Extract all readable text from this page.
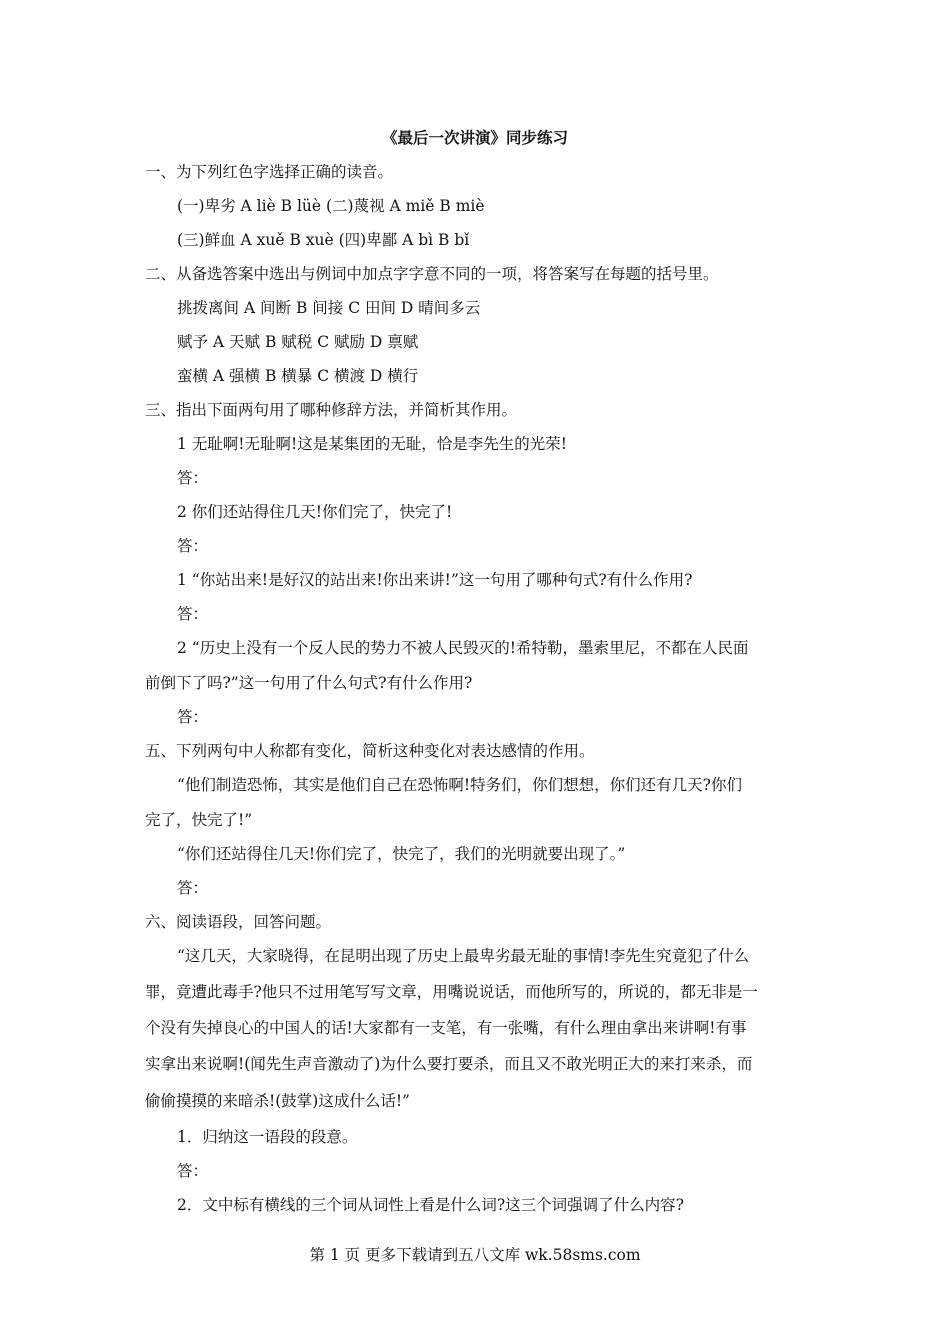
《最后一次讲演》同步练习
一、为下列红色字选择正确的读音。
(一)卑劣 A liè B lüè (二)蔑视 A miě B miè
(三)鲜血 A xuě B xuè (四)卑鄙 A bì B bǐ
二、从备选答案中选出与例词中加点字字意不同的一项，将答案写在每题的括号里。
挑拨离间 A 间断 B 间接 C 田间 D 晴间多云
赋予 A 天赋 B 赋税 C 赋励 D 禀赋
蛮横 A 强横 B 横暴 C 横渡 D 横行
三、指出下面两句用了哪种修辞方法，并简析其作用。
1 无耻啊!无耻啊!这是某集团的无耻，恰是李先生的光荣!
答：
2 你们还站得住几天!你们完了，快完了!
答：
1 “你站出来!是好汉的站出来!你出来讲!”这一句用了哪种句式?有什么作用?
答：
2 “历史上没有一个反人民的势力不被人民毁灭的!希特勒，墨索里尼，不都在人民面
前倒下了吗?”这一句用了什么句式?有什么作用?
答：
五、下列两句中人称都有变化，简析这种变化对表达感情的作用。
“他们制造恐怖，其实是他们自己在恐怖啊!特务们，你们想想，你们还有几天?你们
完了，快完了!”
“你们还站得住几天!你们完了，快完了，我们的光明就要出现了。”
答：
六、阅读语段，回答问题。
“这几天，大家晓得，在昆明出现了历史上最卑劣最无耻的事情!李先生究竟犯了什么
罪，竟遭此毒手?他只不过用笔写写文章，用嘴说说话，而他所写的，所说的，都无非是一
个没有失掉良心的中国人的话!大家都有一支笔，有一张嘴，有什么理由拿出来讲啊!有事
实拿出来说啊!(闻先生声音激动了)为什么要打要杀，而且又不敢光明正大的来打来杀，而
偷偷摸摸的来暗杀!(鼓掌)这成什么话!”
1．归纳这一语段的段意。
答：
2．文中标有横线的三个词从词性上看是什么词?这三个词强调了什么内容?
第 1 页 更多下载请到五八文库 wk.58sms.com
